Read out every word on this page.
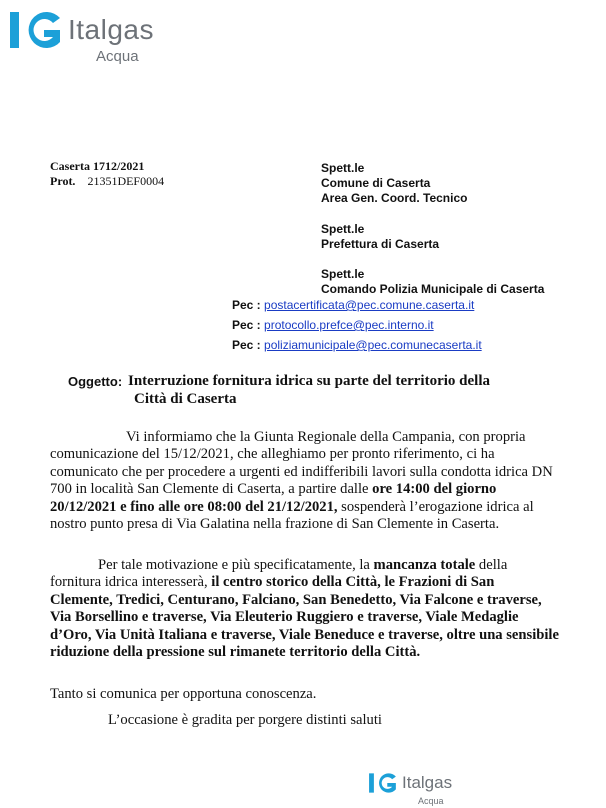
Italgas
Acqua
Caserta 1712/2021
Prot. 21351DEF0004
Spett.le
Comune di Caserta
Area Gen. Coord. Tecnico
Spett.le
Prefettura di Caserta
Spett.le
Comando Polizia Municipale di Caserta
Pec : postacertificata@pec.comune.caserta.it
Pec : protocollo.prefce@pec.interno.it
Pec : poliziamunicipale@pec.comunecaserta.it
Oggetto: Interruzione fornitura idrica su parte del territorio della
Città di Caserta
Vi informiamo che la Giunta Regionale della Campania, con propria comunicazione del 15/12/2021, che alleghiamo per pronto riferimento, ci ha comunicato che per procedere a urgenti ed indifferibili lavori sulla condotta idrica DN 700 in località San Clemente di Caserta, a partire dalle ore 14:00 del giorno 20/12/2021 e fino alle ore 08:00 del 21/12/2021, sospenderà l’erogazione idrica al nostro punto presa di Via Galatina nella frazione di San Clemente in Caserta.
Per tale motivazione e più specificatamente, la mancanza totale della fornitura idrica interesserà, il centro storico della Città, le Frazioni di San Clemente, Tredici, Centurano, Falciano, San Benedetto, Via Falcone e traverse, Via Borsellino e traverse, Via Eleuterio Ruggiero e traverse, Viale Medaglie d’Oro, Via Unità Italiana e traverse, Viale Beneduce e traverse, oltre una sensibile riduzione della pressione sul rimanete territorio della Città.
Tanto si comunica per opportuna conoscenza.
L’occasione è gradita per porgere distinti saluti
Italgas
Acqua
